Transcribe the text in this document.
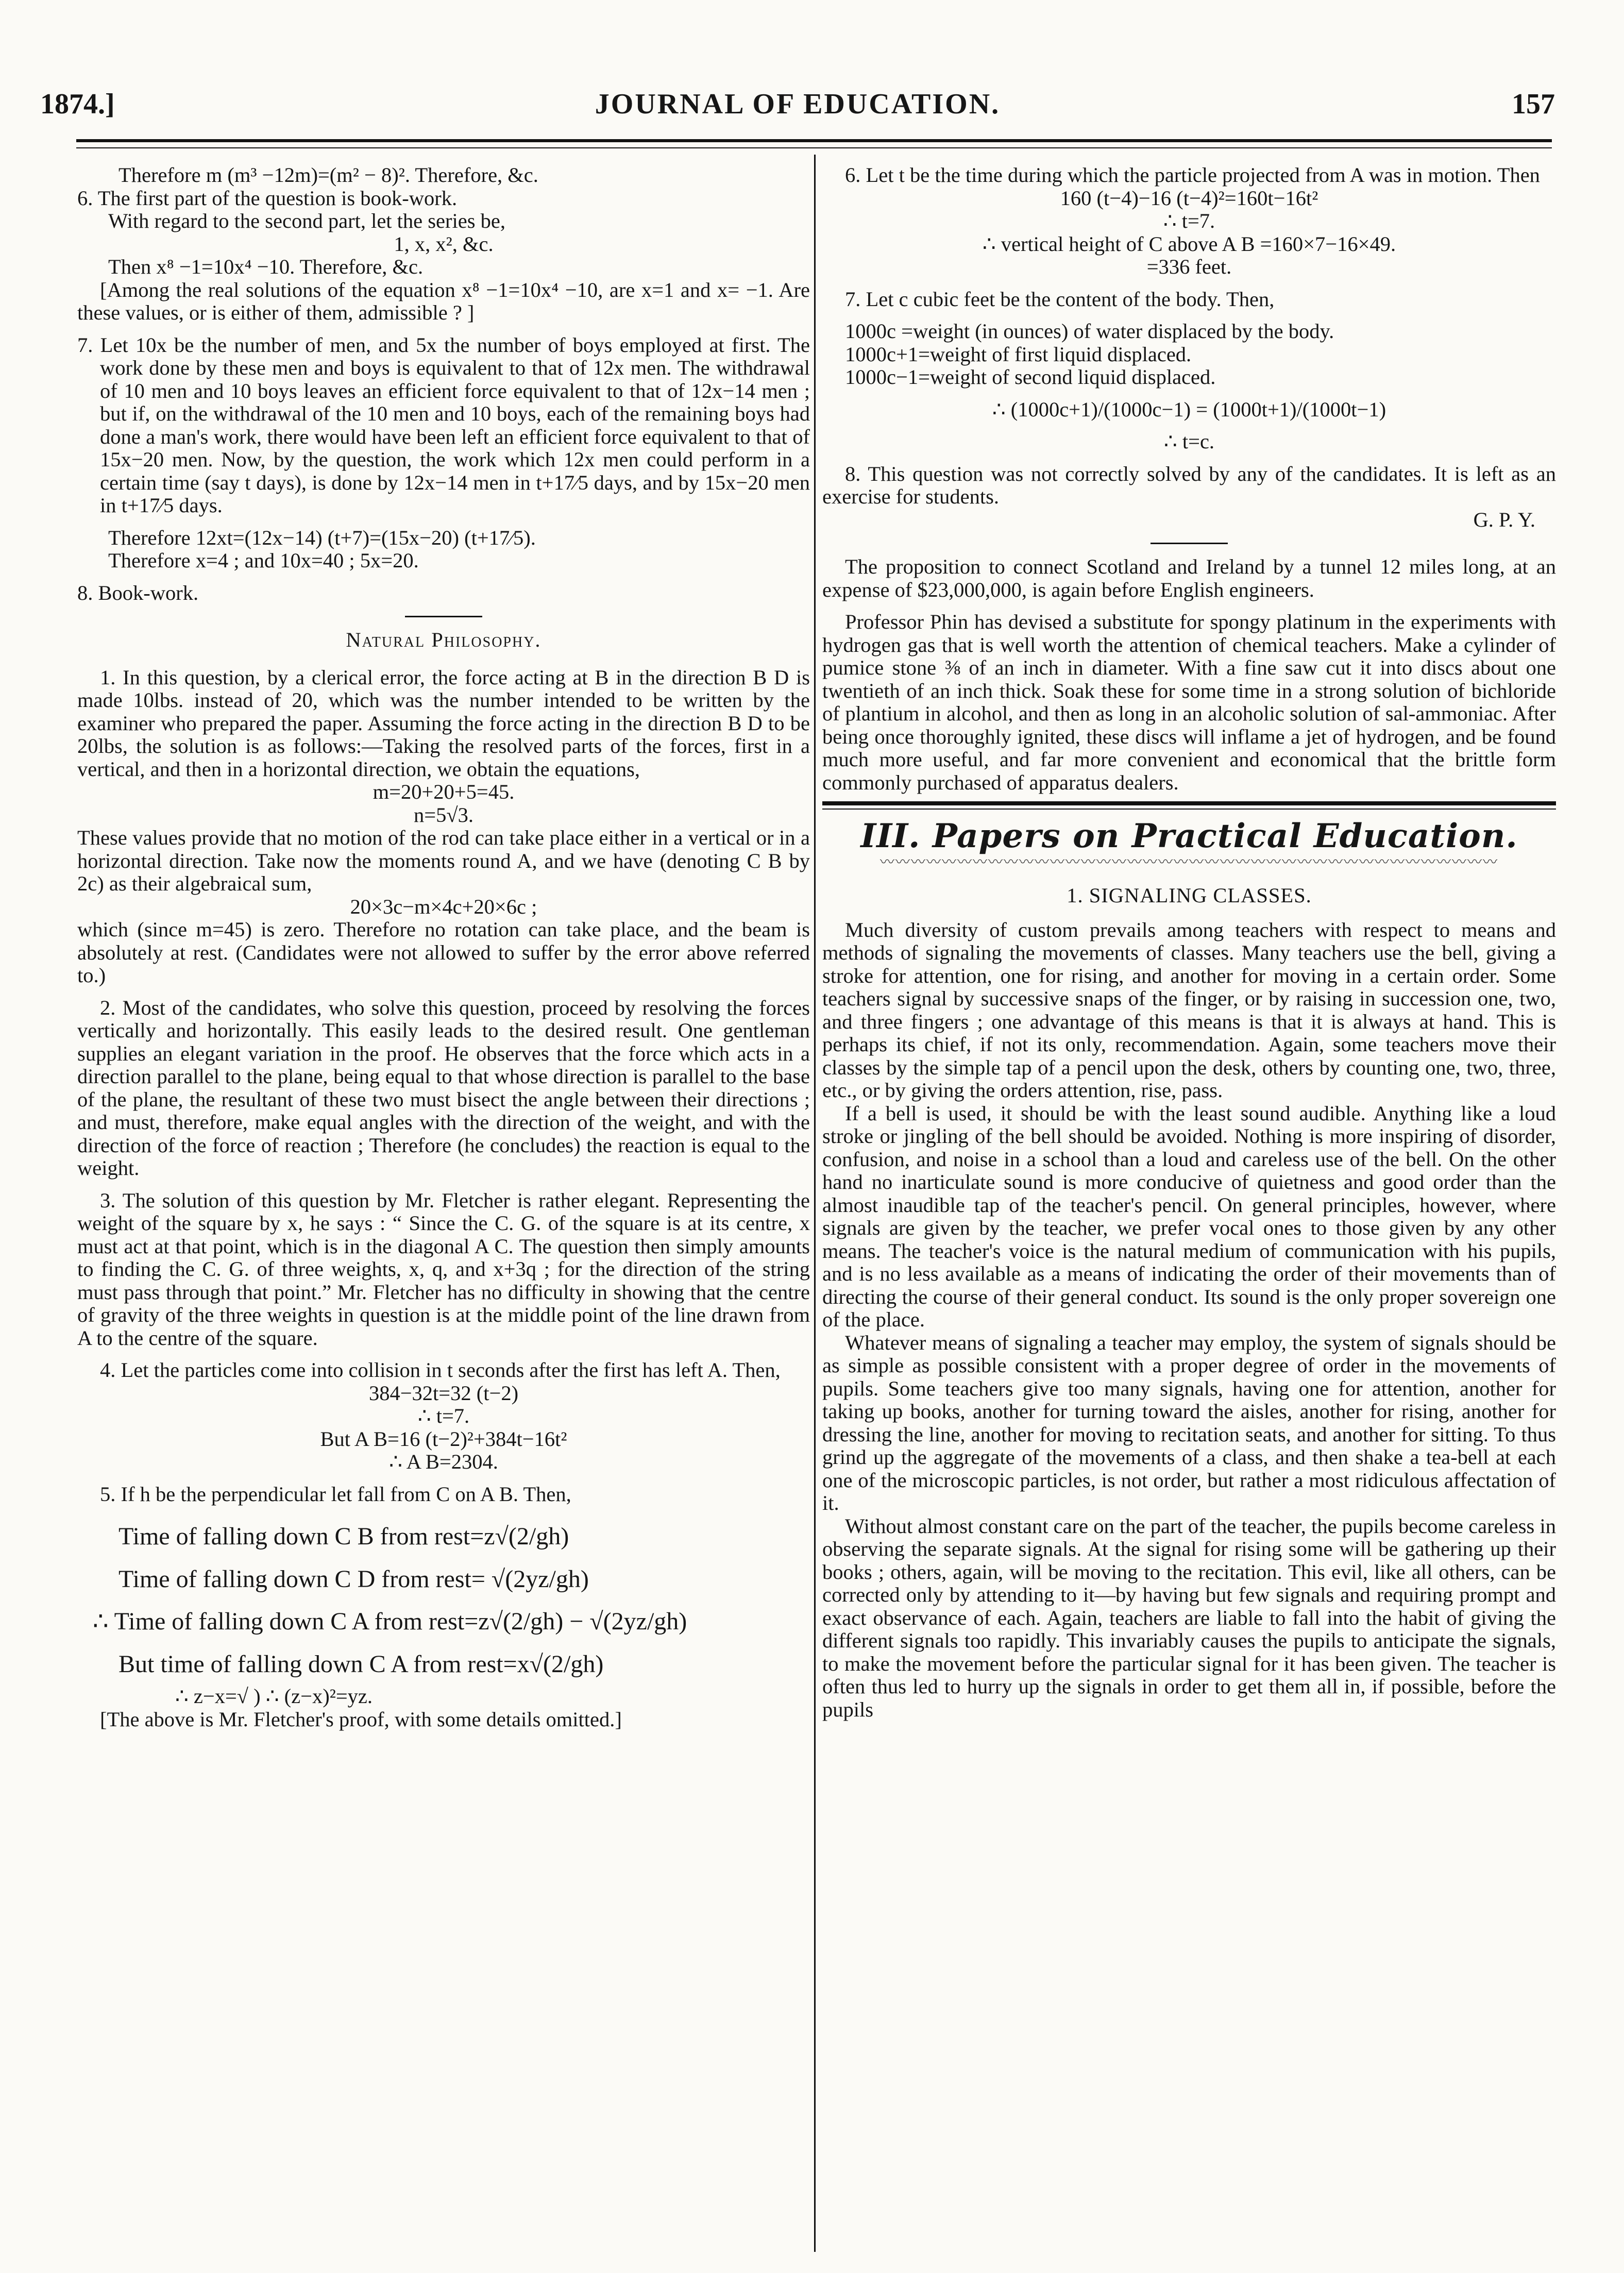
1874.]	JOURNAL OF EDUCATION.	157

Therefore m (m³ −12m)=(m² − 8)². Therefore, &c.

6. The first part of the question is book-work.

With regard to the second part, let the series be,

1, x, x², &c.

Then x⁸ −1=10x⁴ −10. Therefore, &c.

[Among the real solutions of the equation x⁸ −1=10x⁴ −10, are x=1 and x= −1. Are these values, or is either of them, admissible ? ]

7. Let 10x be the number of men, and 5x the number of boys employed at first. The work done by these men and boys is equivalent to that of 12x men. The withdrawal of 10 men and 10 boys leaves an efficient force equivalent to that of 12x−14 men ; but if, on the withdrawal of the 10 men and 10 boys, each of the remaining boys had done a man's work, there would have been left an efficient force equivalent to that of 15x−20 men. Now, by the question, the work which 12x men could perform in a certain time (say t days), is done by 12x−14 men in t+17⁄5 days, and by 15x−20 men in t+17⁄5 days.

Therefore 12xt=(12x−14) (t+7)=(15x−20) (t+17⁄5).

Therefore x=4 ; and 10x=40 ; 5x=20.

8. Book-work.

Natural Philosophy.

1. In this question, by a clerical error, the force acting at B in the direction B D is made 10lbs. instead of 20, which was the number intended to be written by the examiner who prepared the paper. Assuming the force acting in the direction B D to be 20lbs, the solution is as follows:—Taking the resolved parts of the forces, first in a vertical, and then in a horizontal direction, we obtain the equations,

m=20+20+5=45.

n=5√3.

These values provide that no motion of the rod can take place either in a vertical or in a horizontal direction. Take now the moments round A, and we have (denoting C B by 2c) as their algebraical sum,

20×3c−m×4c+20×6c ;

which (since m=45) is zero. Therefore no rotation can take place, and the beam is absolutely at rest. (Candidates were not allowed to suffer by the error above referred to.)

2. Most of the candidates, who solve this question, proceed by resolving the forces vertically and horizontally. This easily leads to the desired result. One gentleman supplies an elegant variation in the proof. He observes that the force which acts in a direction parallel to the plane, being equal to that whose direction is parallel to the base of the plane, the resultant of these two must bisect the angle between their directions ; and must, therefore, make equal angles with the direction of the weight, and with the direction of the force of reaction ; Therefore (he concludes) the reaction is equal to the weight.

3. The solution of this question by Mr. Fletcher is rather elegant. Representing the weight of the square by x, he says : “ Since the C. G. of the square is at its centre, x must act at that point, which is in the diagonal A C. The question then simply amounts to finding the C. G. of three weights, x, q, and x+3q ; for the direction of the string must pass through that point.” Mr. Fletcher has no difficulty in showing that the centre of gravity of the three weights in question is at the middle point of the line drawn from A to the centre of the square.

4. Let the particles come into collision in t seconds after the first has left A. Then,

384−32t=32 (t−2)

∴ t=7.

But A B=16 (t−2)²+384t−16t²

∴ A B=2304.

5. If h be the perpendicular let fall from C on A B. Then,

Time of falling down C B from rest=z√(2/gh)

Time of falling down C D from rest= √(2yz/gh)

∴ Time of falling down C A from rest=z√(2/gh) − √(2yz/gh)

But time of falling down C A from rest=x√(2/gh)

∴ z−x=√ ) ∴ (z−x)²=yz.

[The above is Mr. Fletcher's proof, with some details omitted.]

6. Let t be the time during which the particle projected from A was in motion. Then

160 (t−4)−16 (t−4)²=160t−16t²

∴ t=7.

∴ vertical height of C above A B =160×7−16×49.

=336 feet.

7. Let c cubic feet be the content of the body. Then,

1000c =weight (in ounces) of water displaced by the body.

1000c+1=weight of first liquid displaced.

1000c−1=weight of second liquid displaced.

∴ (1000c+1)/(1000c−1) = (1000t+1)/(1000t−1)

∴ t=c.

8. This question was not correctly solved by any of the candidates. It is left as an exercise for students.

G. P. Y.

The proposition to connect Scotland and Ireland by a tunnel 12 miles long, at an expense of $23,000,000, is again before English engineers.

Professor Phin has devised a substitute for spongy platinum in the experiments with hydrogen gas that is well worth the attention of chemical teachers. Make a cylinder of pumice stone ⅜ of an inch in diameter. With a fine saw cut it into discs about one twentieth of an inch thick. Soak these for some time in a strong solution of bichloride of plantium in alcohol, and then as long in an alcoholic solution of sal-ammoniac. After being once thoroughly ignited, these discs will inflame a jet of hydrogen, and be found much more useful, and far more convenient and economical that the brittle form commonly purchased of apparatus dealers.

III. Papers on Practical Education.
〰〰〰〰〰〰〰〰〰〰〰〰〰〰〰〰〰〰〰〰〰〰〰〰〰〰〰〰〰〰〰〰〰〰〰〰〰〰〰〰
1. SIGNALING CLASSES.

Much diversity of custom prevails among teachers with respect to means and methods of signaling the movements of classes. Many teachers use the bell, giving a stroke for attention, one for rising, and another for moving in a certain order. Some teachers signal by successive snaps of the finger, or by raising in succession one, two, and three fingers ; one advantage of this means is that it is always at hand. This is perhaps its chief, if not its only, recommendation. Again, some teachers move their classes by the simple tap of a pencil upon the desk, others by counting one, two, three, etc., or by giving the orders attention, rise, pass.

If a bell is used, it should be with the least sound audible. Anything like a loud stroke or jingling of the bell should be avoided. Nothing is more inspiring of disorder, confusion, and noise in a school than a loud and careless use of the bell. On the other hand no inarticulate sound is more conducive of quietness and good order than the almost inaudible tap of the teacher's pencil. On general principles, however, where signals are given by the teacher, we prefer vocal ones to those given by any other means. The teacher's voice is the natural medium of communication with his pupils, and is no less available as a means of indicating the order of their movements than of directing the course of their general conduct. Its sound is the only proper sovereign one of the place.

Whatever means of signaling a teacher may employ, the system of signals should be as simple as possible consistent with a proper degree of order in the movements of pupils. Some teachers give too many signals, having one for attention, another for taking up books, another for turning toward the aisles, another for rising, another for dressing the line, another for moving to recitation seats, and another for sitting. To thus grind up the aggregate of the movements of a class, and then shake a tea-bell at each one of the microscopic particles, is not order, but rather a most ridiculous affectation of it.

Without almost constant care on the part of the teacher, the pupils become careless in observing the separate signals. At the signal for rising some will be gathering up their books ; others, again, will be moving to the recitation. This evil, like all others, can be corrected only by attending to it—by having but few signals and requiring prompt and exact observance of each. Again, teachers are liable to fall into the habit of giving the different signals too rapidly. This invariably causes the pupils to anticipate the signals, to make the movement before the particular signal for it has been given. The teacher is often thus led to hurry up the signals in order to get them all in, if possible, before the pupils
